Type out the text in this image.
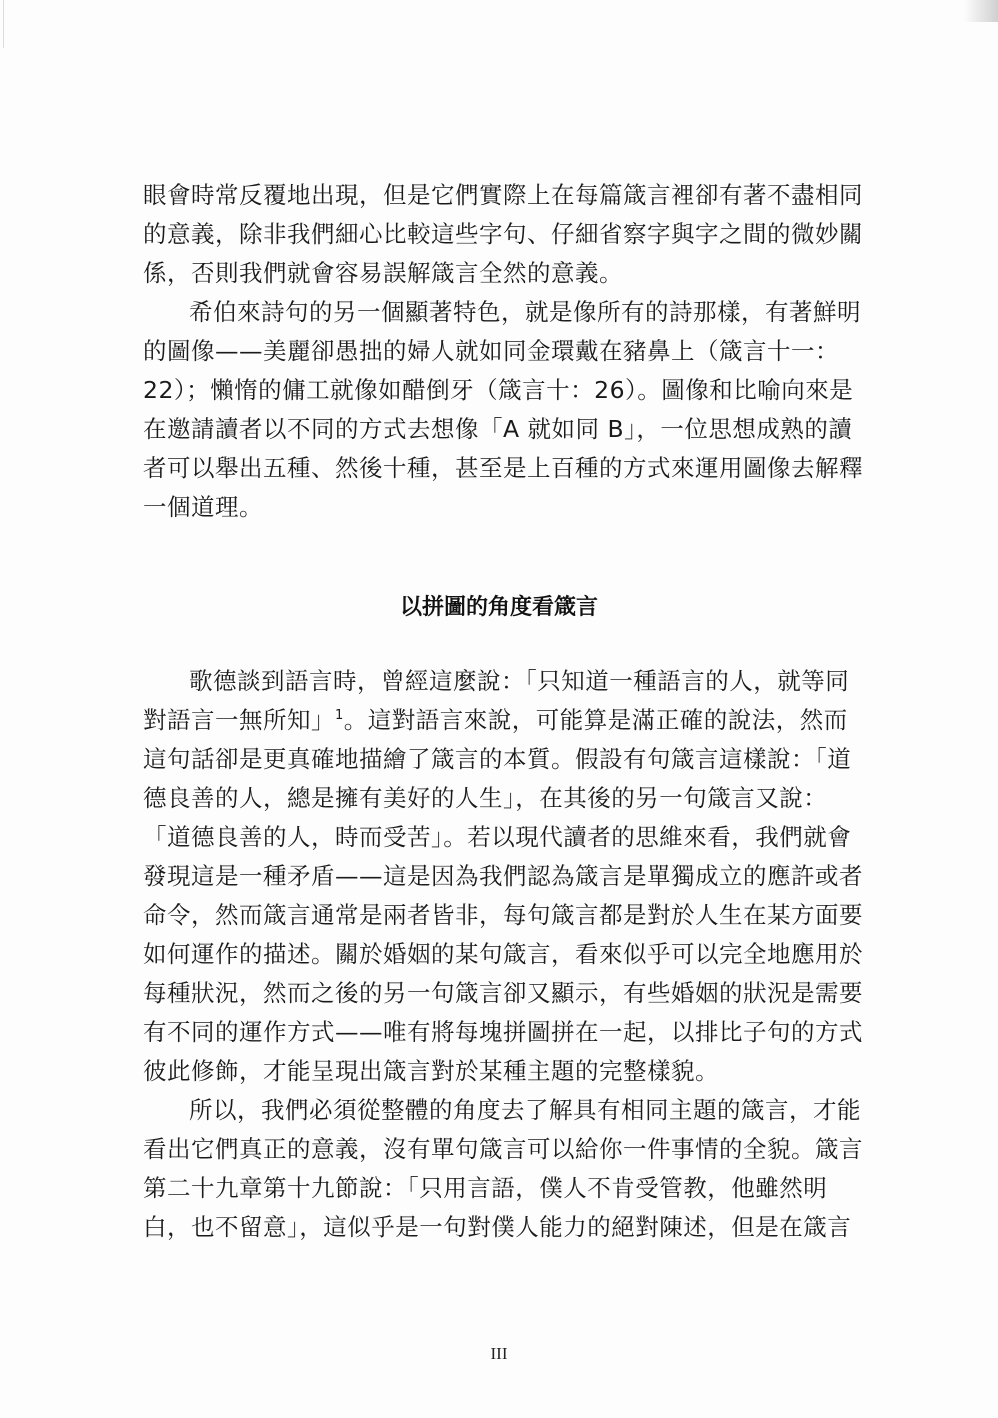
眼會時常反覆地出現，但是它們實際上在每篇箴言裡卻有著不盡相同
的意義，除非我們細心比較這些字句、仔細省察字與字之間的微妙關
係，否則我們就會容易誤解箴言全然的意義。
希伯來詩句的另一個顯著特色，就是像所有的詩那樣，有著鮮明
的圖像——美麗卻愚拙的婦人就如同金環戴在豬鼻上（箴言十一：
22）；懶惰的傭工就像如醋倒牙（箴言十：26）。圖像和比喻向來是
在邀請讀者以不同的方式去想像「A 就如同 B」，一位思想成熟的讀
者可以舉出五種、然後十種，甚至是上百種的方式來運用圖像去解釋
一個道理。
以拼圖的角度看箴言
歌德談到語言時，曾經這麼說：「只知道一種語言的人，就等同
對語言一無所知」$^1$。這對語言來說，可能算是滿正確的說法，然而
這句話卻是更真確地描繪了箴言的本質。假設有句箴言這樣說：「道
德良善的人，總是擁有美好的人生」，在其後的另一句箴言又說：
「道德良善的人，時而受苦」。若以現代讀者的思維來看，我們就會
發現這是一種矛盾——這是因為我們認為箴言是單獨成立的應許或者
命令，然而箴言通常是兩者皆非，每句箴言都是對於人生在某方面要
如何運作的描述。關於婚姻的某句箴言，看來似乎可以完全地應用於
每種狀況，然而之後的另一句箴言卻又顯示，有些婚姻的狀況是需要
有不同的運作方式——唯有將每塊拼圖拼在一起，以排比子句的方式
彼此修飾，才能呈現出箴言對於某種主題的完整樣貌。
所以，我們必須從整體的角度去了解具有相同主題的箴言，才能
看出它們真正的意義，沒有單句箴言可以給你一件事情的全貌。箴言
第二十九章第十九節說：「只用言語，僕人不肯受管教，他雖然明
白，也不留意」，這似乎是一句對僕人能力的絕對陳述，但是在箴言
III
